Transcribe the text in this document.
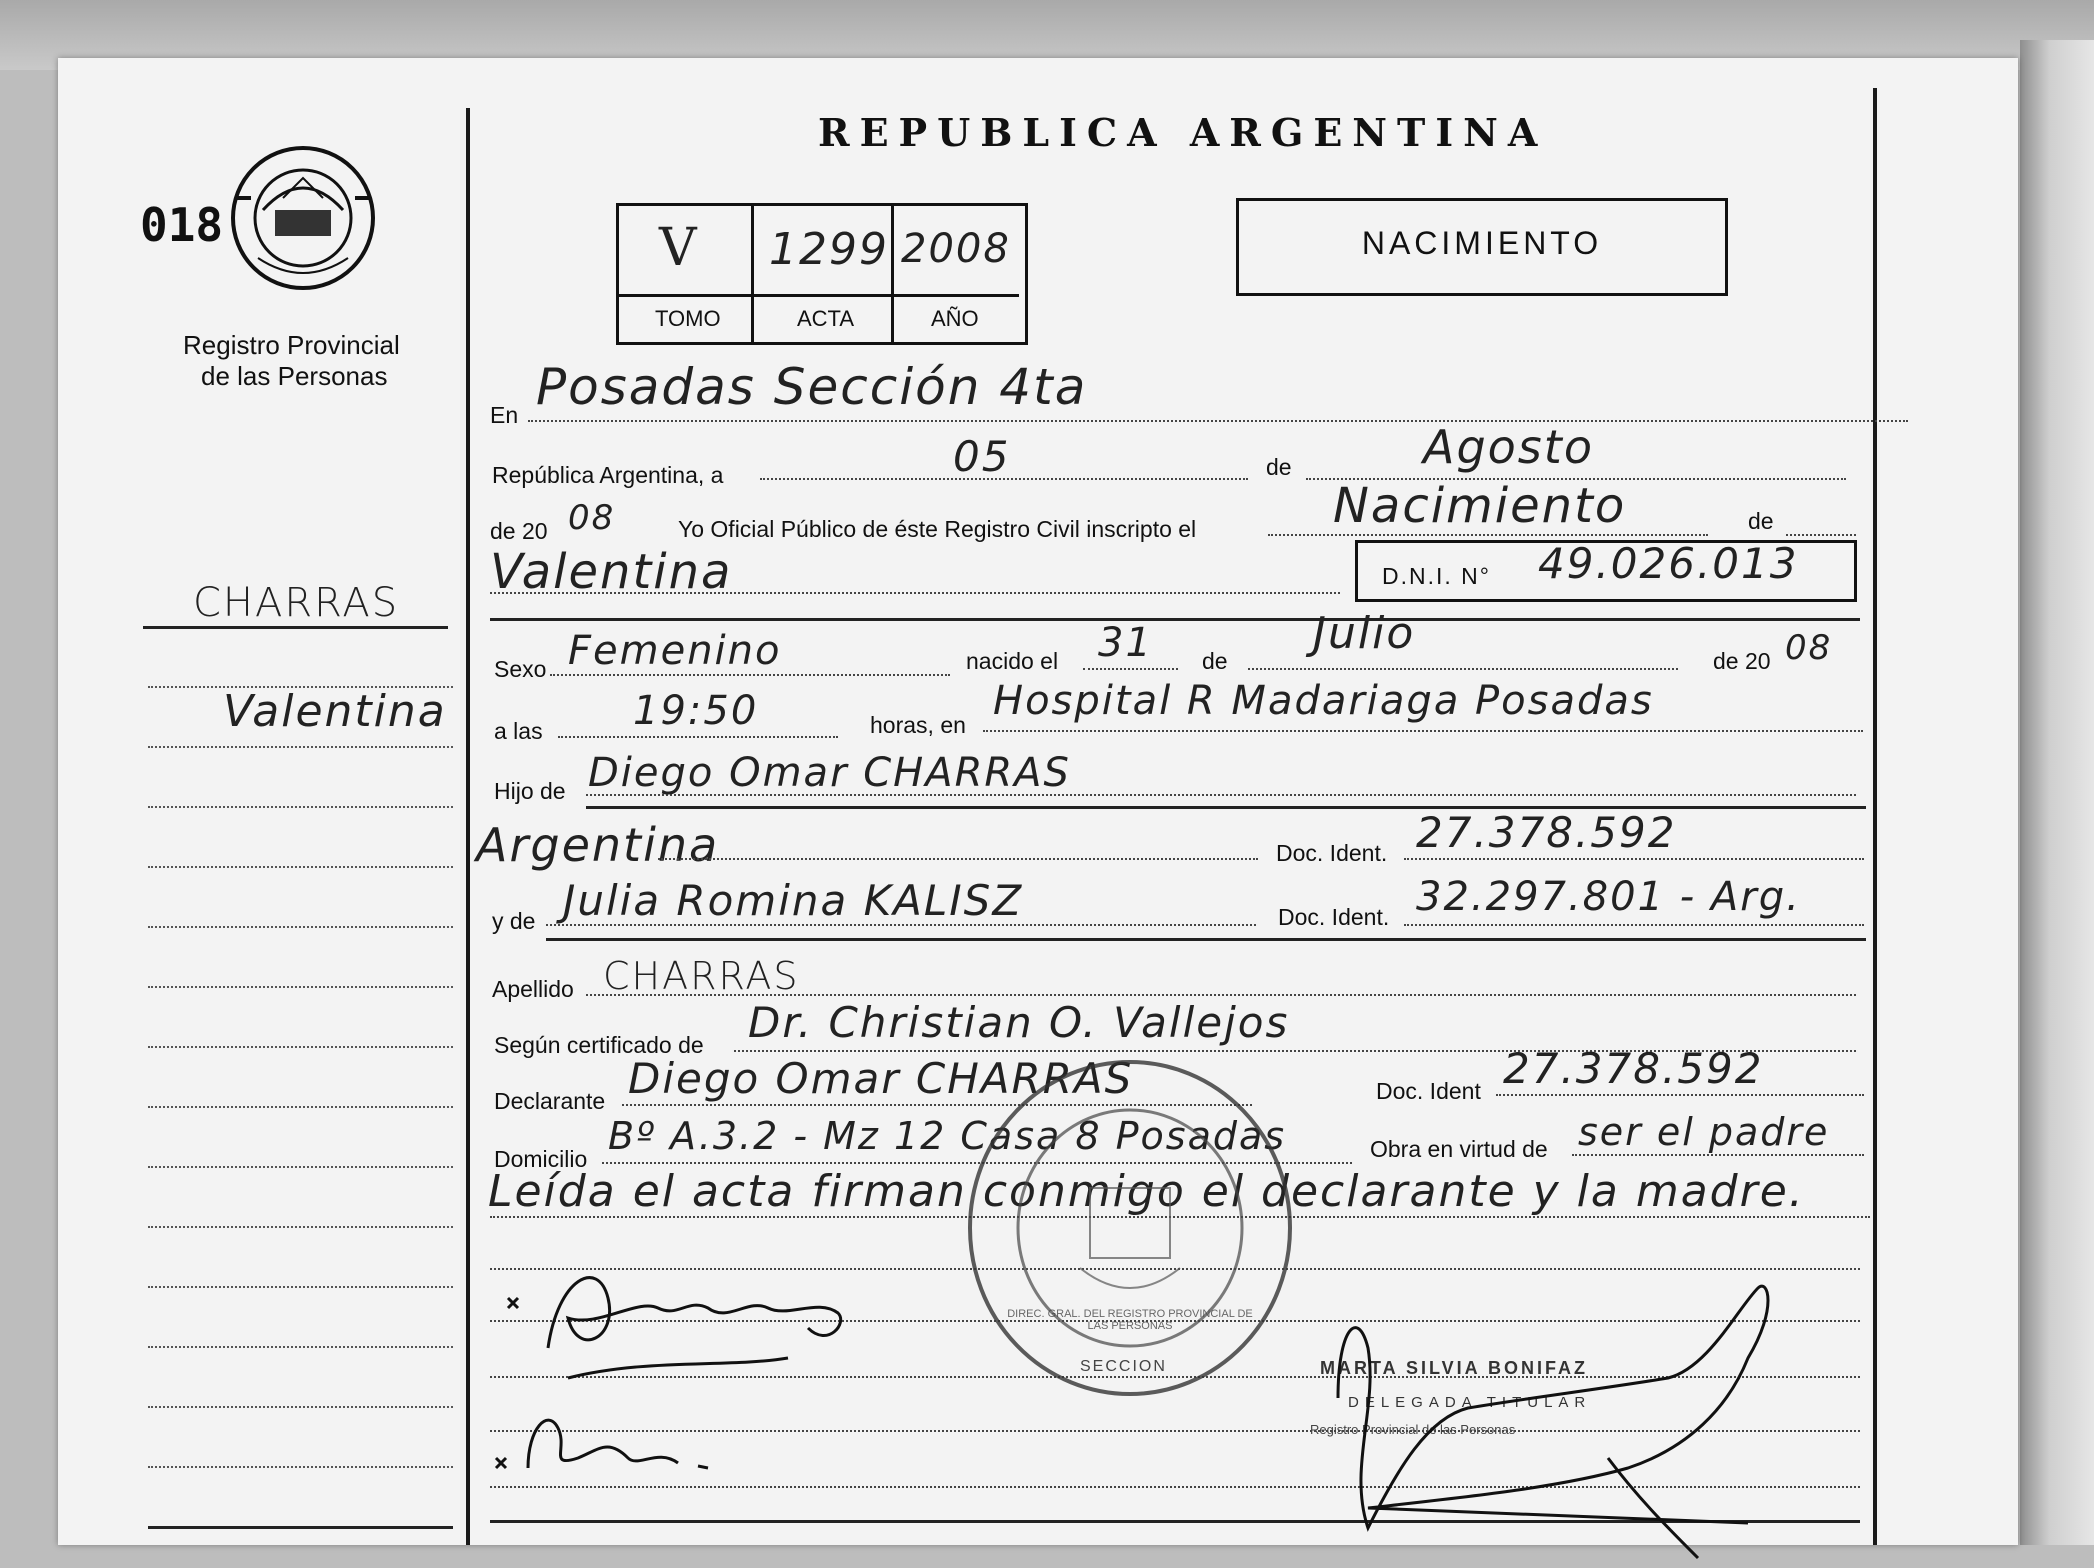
018
Registro Provincial
de las Personas
REPUBLICA ARGENTINA
V 1299 2008
TOMO	ACTA	AÑO
NACIMIENTO
CHARRAS
Valentina
En Posadas Sección 4ta
República Argentina, a	05	de	Agosto
de 20 08	Yo Oficial Público de éste Registro Civil inscripto el	Nacimiento	de
Valentina	D.N.I. N° 49.026.013
Sexo Femenino	nacido el 31 de
Julio
de 20 08
a las 19:50	horas, en
Hospital R Madariaga Posadas
Hijo de Diego Omar CHARRAS
Argentina	Doc. Ident. 27.378.592
y de Julia Romina KALISZ	Doc. Ident. 32.297.801 - Arg.
Apellido CHARRAS
Según certificado de Dr. Christian O. Vallejos
Declarante Diego Omar CHARRAS	Doc. Ident 27.378.592
Domicilio
Bº A.3.2 - Mz 12 Casa 8 Posadas	Obra en virtud de ser el padre
Leída el acta firman conmigo el declarante y la madre.
DIREC. GRAL. DEL REGISTRO PROVINCIAL DE LAS PERSONAS
SECCION	MARTA SILVIA BONIFAZ
DELEGADA TITULAR
Registro Provincial de las Personas
